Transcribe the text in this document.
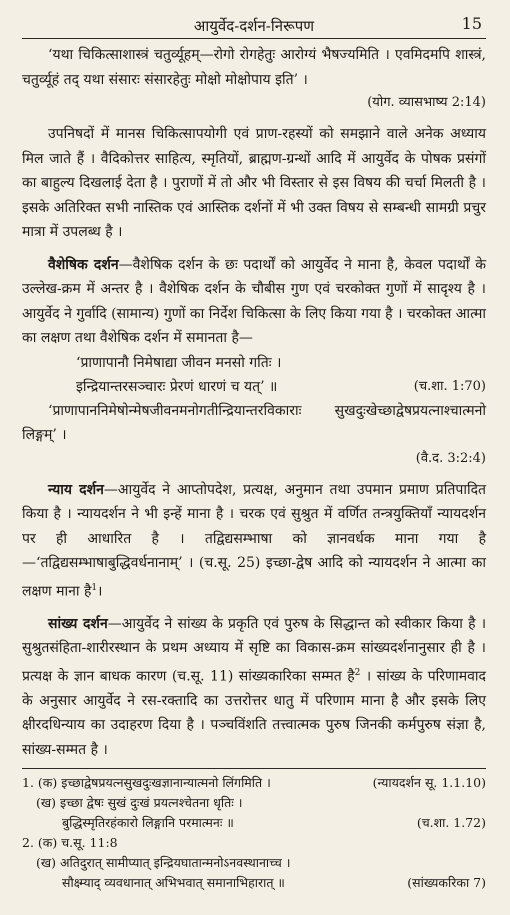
आयुर्वेद-दर्शन-निरूपण	15

‘यथा चिकित्साशास्त्रं चतुर्व्यूहम्—रोगो रोगहेतुः आरोग्यं भैषज्यमिति । एवमिदमपि शास्त्रं, चतुर्व्यूहं तद् यथा संसारः संसारहेतुः मोक्षो मोक्षोपाय इति’ ।

(योग. व्यासभाष्य 2:14)

उपनिषदों में मानस चिकित्सापयोगी एवं प्राण-रहस्यों को समझाने वाले अनेक अध्याय मिल जाते हैं । वैदिकोत्तर साहित्य, स्मृतियों, ब्राह्मण-ग्रन्थों आदि में आयुर्वेद के पोषक प्रसंगों का बाहुल्य दिखलाई देता है । पुराणों में तो और भी विस्तार से इस विषय की चर्चा मिलती है । इसके अतिरिक्त सभी नास्तिक एवं आस्तिक दर्शनों में भी उक्त विषय से सम्बन्धी सामग्री प्रचुर मात्रा में उपलब्ध है ।

वैशेषिक दर्शन—वैशेषिक दर्शन के छः पदार्थों को आयुर्वेद ने माना है, केवल पदार्थों के उल्लेख-क्रम में अन्तर है । वैशेषिक दर्शन के चौबीस गुण एवं चरकोक्त गुणों में सादृश्य है । आयुर्वेद ने गुर्वादि (सामान्य) गुणों का निर्देश चिकित्सा के लिए किया गया है । चरकोक्त आत्मा का लक्षण तथा वैशेषिक दर्शन में समानता है—

‘प्राणापानौ निमेषाद्या जीवन मनसो गतिः ।
इन्द्रियान्तरसञ्चारः प्रेरणं धारणं च यत्’ ॥	(च.शा. 1:70)

‘प्राणापाननिमेषोन्मेषजीवनमनोगतीन्द्रियान्तरविकाराः सुखदुःखेच्छाद्वेषप्रयत्नाश्चात्मनो लिङ्गम्’ ।

(वै.द. 3:2:4)

न्याय दर्शन—आयुर्वेद ने आप्तोपदेश, प्रत्यक्ष, अनुमान तथा उपमान प्रमाण प्रतिपादित किया है । न्यायदर्शन ने भी इन्हें माना है । चरक एवं सुश्रुत में वर्णित तन्त्रयुक्तियाँ न्यायदर्शन पर ही आधारित है । तद्विद्यसम्भाषा को ज्ञानवर्धक माना गया है—‘तद्विद्यसम्भाषाबुद्धिवर्धनानाम्’ । (च.सू. 25) इच्छा-द्वेष आदि को न्यायदर्शन ने आत्मा का लक्षण माना है$^1$।

सांख्य दर्शन—आयुर्वेद ने सांख्य के प्रकृति एवं पुरुष के सिद्धान्त को स्वीकार किया है । सुश्रुतसंहिता-शारीरस्थान के प्रथम अध्याय में सृष्टि का विकास-क्रम सांख्यदर्शनानुसार ही है । प्रत्यक्ष के ज्ञान बाधक कारण (च.सू. 11) सांख्यकारिका सम्मत है$^2$ । सांख्य के परिणामवाद के अनुसार आयुर्वेद ने रस-रक्तादि का उत्तरोत्तर धातु में परिणाम माना है और इसके लिए क्षीरदधिन्याय का उदाहरण दिया है । पञ्चविंशति तत्त्वात्मक पुरुष जिनकी कर्मपुरुष संज्ञा है, सांख्य-सम्मत है ।

1. (क) इच्छाद्वेषप्रयत्नसुखदुःखज्ञानान्यात्मनो लिंगमिति ।	(न्यायदर्शन सू. 1.1.10)
(ख) इच्छा द्वेषः सुखं दुःखं प्रयत्नश्चेतना धृतिः ।
बुद्धिस्मृतिरहंकारो लिङ्गानि परमात्मनः ॥	(च.शा. 1.72)
2. (क) च.सू. 11:8
(ख) अतिदुरात् सामीप्यात् इन्द्रियघातान्मनोऽनवस्थानाच्च ।
सौक्ष्म्याद् व्यवधानात् अभिभवात् समानाभिहारात् ॥	(सांख्यकरिका 7)
